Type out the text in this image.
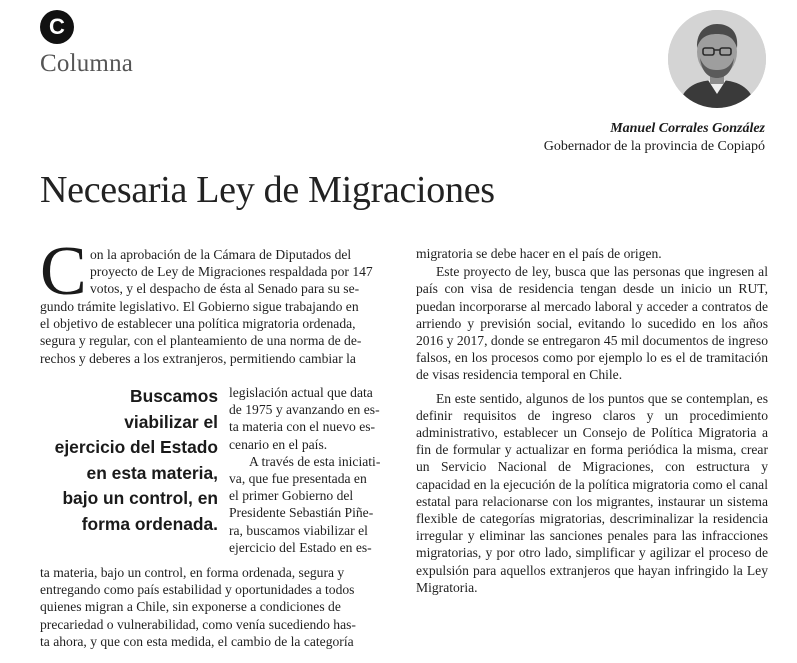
C
Columna
Manuel Corrales González
Gobernador de la provincia de Copiapó
Necesaria Ley de Migraciones
C on la aprobación de la Cámara de Diputados del

proyecto de Ley de Migraciones respaldada por 147

votos, y el despacho de ésta al Senado para su se-

gundo trámite legislativo. El Gobierno sigue trabajando en

el objetivo de establecer una política migratoria ordenada,

segura y regular, con el planteamiento de una norma de de-

rechos y deberes a los extranjeros, permitiendo cambiar la

Buscamos
viabilizar el
ejercicio del Estado
en esta materia,
bajo un control, en
forma ordenada.

legislación actual que data

de 1975 y avanzando en es-

ta materia con el nuevo es-

cenario en el país.

A través de esta iniciati-

va, que fue presentada en

el primer Gobierno del

Presidente Sebastián Piñe-

ra, buscamos viabilizar el

ejercicio del Estado en es-

ta materia, bajo un control, en forma ordenada, segura y

entregando como país estabilidad y oportunidades a todos

quienes migran a Chile, sin exponerse a condiciones de

precariedad o vulnerabilidad, como venía sucediendo has-

ta ahora, y que con esta medida, el cambio de la categoría

migratoria se debe hacer en el país de origen.

Este proyecto de ley, busca que las personas que ingresen al país con visa de residencia tengan desde un inicio un RUT, puedan incorporarse al mercado laboral y acceder a contratos de arriendo y previsión social, evitando lo sucedido en los años 2016 y 2017, donde se entregaron 45 mil documentos de ingreso falsos, en los procesos como por ejemplo lo es el de tramitación de visas residencia temporal en Chile.

En este sentido, algunos de los puntos que se contemplan, es definir requisitos de ingreso claros y un procedimiento administrativo, establecer un Consejo de Política Migratoria a fin de formular y actualizar en forma periódica la misma, crear un Servicio Nacional de Migraciones, con estructura y capacidad en la ejecución de la política migratoria como el canal estatal para relacionarse con los migrantes, instaurar un sistema flexible de categorías migratorias, descriminalizar la residencia irregular y eliminar las sanciones penales para las infracciones migratorias, y por otro lado, simplificar y agilizar el proceso de expulsión para aquellos extranjeros que hayan infringido la Ley Migratoria.
